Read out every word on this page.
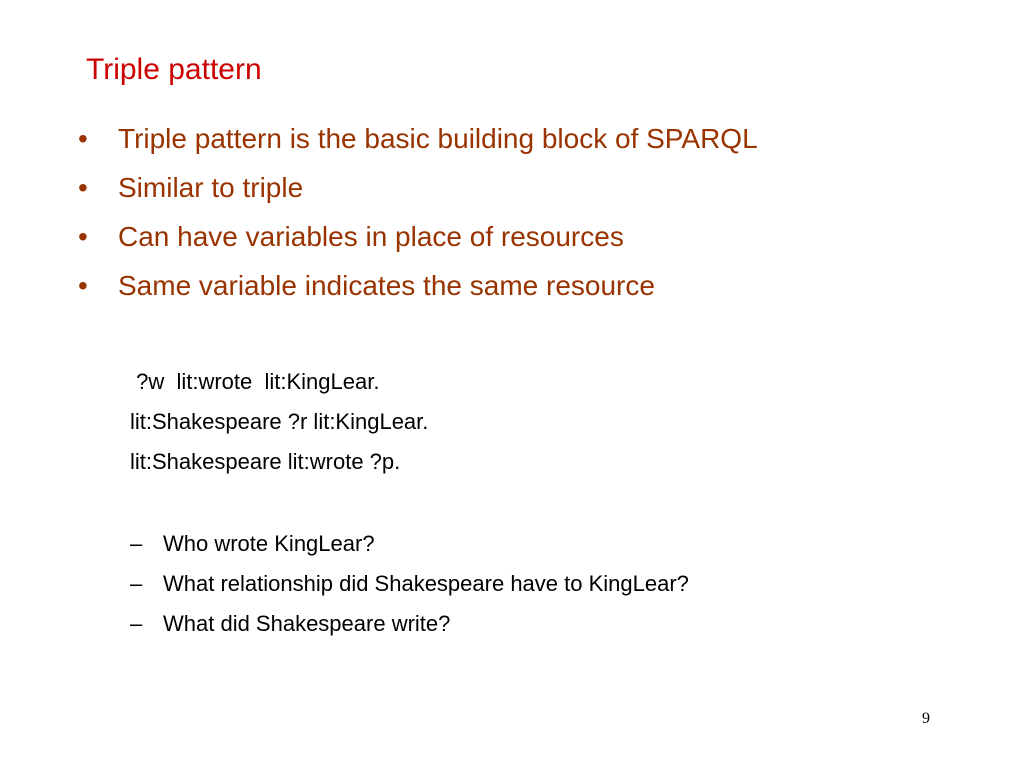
Triple pattern
• Triple pattern is the basic building block of SPARQL
• Similar to triple
• Can have variables in place of resources
• Same variable indicates the same resource
?w  lit:wrote  lit:KingLear.
lit:Shakespeare ?r lit:KingLear.
lit:Shakespeare lit:wrote ?p.
– Who wrote KingLear?
– What relationship did Shakespeare have to KingLear?
– What did Shakespeare write?
9
